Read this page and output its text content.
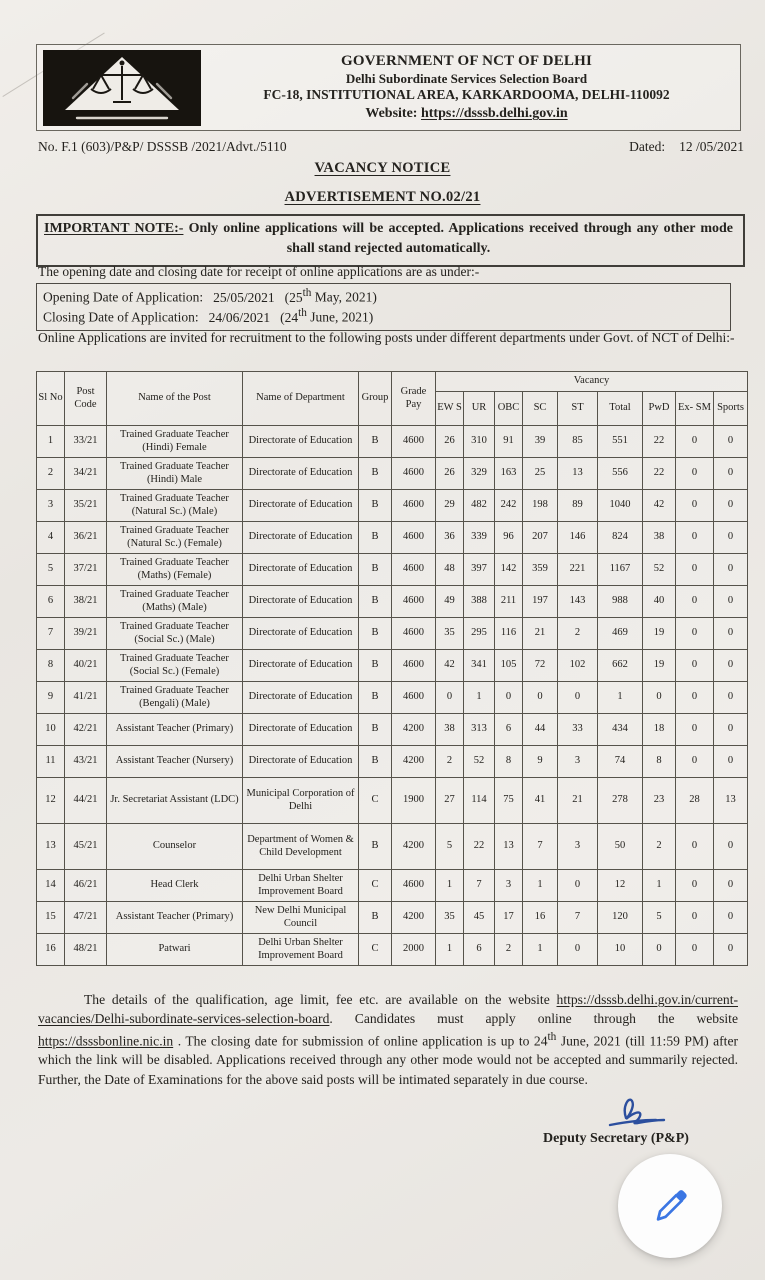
GOVERNMENT OF NCT OF DELHI
Delhi Subordinate Services Selection Board
FC-18, INSTITUTIONAL AREA, KARKARDOOMA, DELHI-110092
Website: https://dsssb.delhi.gov.in
No. F.1 (603)/P&P/ DSSSB /2021/Advt./5110	Dated: 12 /05/2021
VACANCY NOTICE
ADVERTISEMENT NO.02/21
IMPORTANT NOTE:- Only online applications will be accepted. Applications received through any other mode shall stand rejected automatically.
The opening date and closing date for receipt of online applications are as under:-
Opening Date of Application: 25/05/2021 (25th May, 2021)
Closing Date of Application: 24/06/2021 (24th June, 2021)
Online Applications are invited for recruitment to the following posts under different departments under Govt. of NCT of Delhi:-
Sl No	Post Code	Name of the Post	Name of Department	Group	Grade Pay	Vacancy								
						EW S	UR	OBC	SC	ST	Total	PwD	Ex- SM	Sports
1	33/21	Trained Graduate Teacher (Hindi) Female	Directorate of Education	B	4600	26	310	91	39	85	551	22	0	0
2	34/21	Trained Graduate Teacher (Hindi) Male	Directorate of Education	B	4600	26	329	163	25	13	556	22	0	0
3	35/21	Trained Graduate Teacher (Natural Sc.) (Male)	Directorate of Education	B	4600	29	482	242	198	89	1040	42	0	0
4	36/21	Trained Graduate Teacher (Natural Sc.) (Female)	Directorate of Education	B	4600	36	339	96	207	146	824	38	0	0
5	37/21	Trained Graduate Teacher (Maths) (Female)	Directorate of Education	B	4600	48	397	142	359	221	1167	52	0	0
6	38/21	Trained Graduate Teacher (Maths) (Male)	Directorate of Education	B	4600	49	388	211	197	143	988	40	0	0
7	39/21	Trained Graduate Teacher (Social Sc.) (Male)	Directorate of Education	B	4600	35	295	116	21	2	469	19	0	0
8	40/21	Trained Graduate Teacher (Social Sc.) (Female)	Directorate of Education	B	4600	42	341	105	72	102	662	19	0	0
9	41/21	Trained Graduate Teacher (Bengali) (Male)	Directorate of Education	B	4600	0	1	0	0	0	1	0	0	0
10	42/21	Assistant Teacher (Primary)	Directorate of Education	B	4200	38	313	6	44	33	434	18	0	0
11	43/21	Assistant Teacher (Nursery)	Directorate of Education	B	4200	2	52	8	9	3	74	8	0	0
12	44/21	Jr. Secretariat Assistant (LDC)	Municipal Corporation of Delhi	C	1900	27	114	75	41	21	278	23	28	13
13	45/21	Counselor	Department of Women & Child Development	B	4200	5	22	13	7	3	50	2	0	0
14	46/21	Head Clerk	Delhi Urban Shelter Improvement Board	C	4600	1	7	3	1	0	12	1	0	0
15	47/21	Assistant Teacher (Primary)	New Delhi Municipal Council	B	4200	35	45	17	16	7	120	5	0	0
16	48/21	Patwari	Delhi Urban Shelter Improvement Board	C	2000	1	6	2	1	0	10	0	0	0
The details of the qualification, age limit, fee etc. are available on the website https://dsssb.delhi.gov.in/current-vacancies/Delhi-subordinate-services-selection-board. Candidates must apply online through the website https://dsssbonline.nic.in . The closing date for submission of online application is up to 24th June, 2021 (till 11:59 PM) after which the link will be disabled. Applications received through any other mode would not be accepted and summarily rejected. Further, the Date of Examinations for the above said posts will be intimated separately in due course.
Deputy Secretary (P&P)
